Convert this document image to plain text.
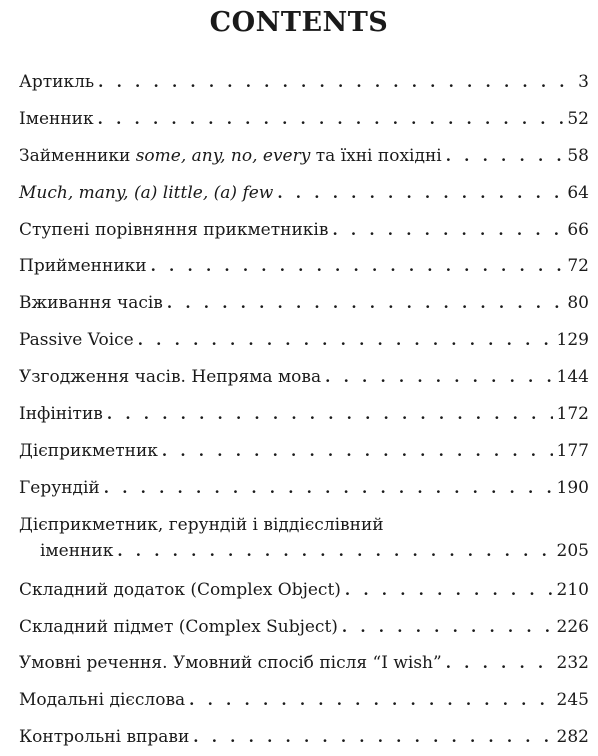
CONTENTS
Артикль . . .	3
Іменник . . .	52
Займенники some, any, no, every та їхні похідні . . .	58
Much, many, (a) little, (a) few . . .	64
Ступені порівняння прикметників . . .	66
Прийменники . . .	72
Вживання часів . . .	80
Passive Voice . . .	129
Узгодження часів. Непряма мова . . .	144
Інфінітив . . .	172
Дієприкметник . . .	177
Герундій . . .	190
Дієприкметник, герундій і віддієслівний
іменник . . .	205
Складний додаток (Complex Object) . . .	210
Складний підмет (Complex Subject) . . .	226
Умовні речення. Умовний спосіб після “I wish” . . .	232
Модальні дієслова . . .	245
Контрольні вправи . . .	282
